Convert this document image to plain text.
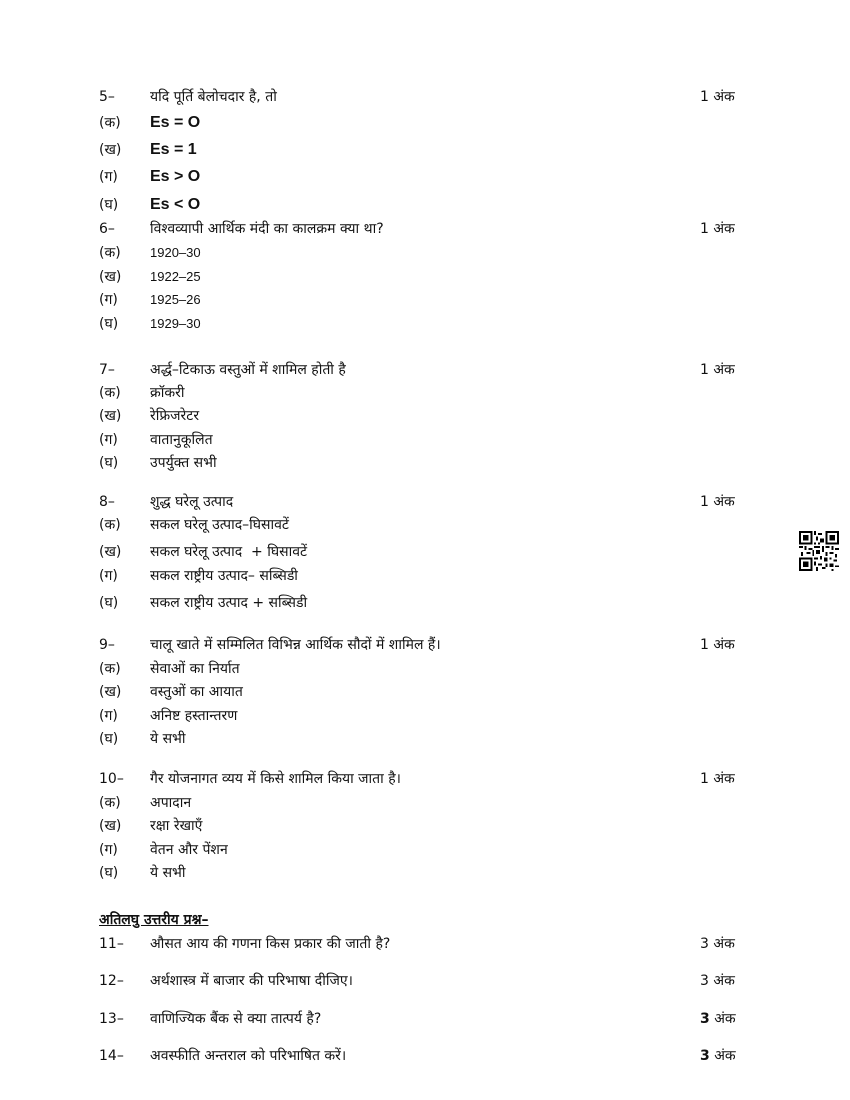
5–	यदि पूर्ति बेलोचदार है, तो	1 अंक
(क) Es = O
(ख) Es = 1
(ग) Es > O
(घ) Es < O
6–	विश्वव्यापी आर्थिक मंदी का कालक्रम क्या था?	1 अंक
(क) 1920–30
(ख) 1922–25
(ग) 1925–26
(घ) 1929–30
7–	अर्द्ध–टिकाऊ वस्तुओं में शामिल होती है	1 अंक
(क) क्रॉकरी
(ख) रेफ्रिजरेटर
(ग) वातानुकूलित
(घ) उपर्युक्त सभी
8–	शुद्ध घरेलू उत्पाद	1 अंक
(क) सकल घरेलू उत्पाद–घिसावटें
(ख) सकल घरेलू उत्पाद  + घिसावटें
(ग) सकल राष्ट्रीय उत्पाद– सब्सिडी
(घ) सकल राष्ट्रीय उत्पाद + सब्सिडी
9–	चालू खाते में सम्मिलित विभिन्न आर्थिक सौदों में शामिल हैं।	1 अंक
(क) सेवाओं का निर्यात
(ख) वस्तुओं का आयात
(ग) अनिष्ट हस्तान्तरण
(घ) ये सभी
10– गैर योजनागत व्यय में किसे शामिल किया जाता है।	1 अंक
(क) अपादान
(ख) रक्षा रेखाएँ
(ग) वेतन और पेंशन
(घ) ये सभी
अतिलघु उत्तरीय प्रश्न–
11– औसत आय की गणना किस प्रकार की जाती है?	3 अंक
12– अर्थशास्त्र में बाजार की परिभाषा दीजिए।	3 अंक
13– वाणिज्यिक बैंक से क्या तात्पर्य है?	3 अंक
14– अवस्फीति अन्तराल को परिभाषित करें।	3 अंक
